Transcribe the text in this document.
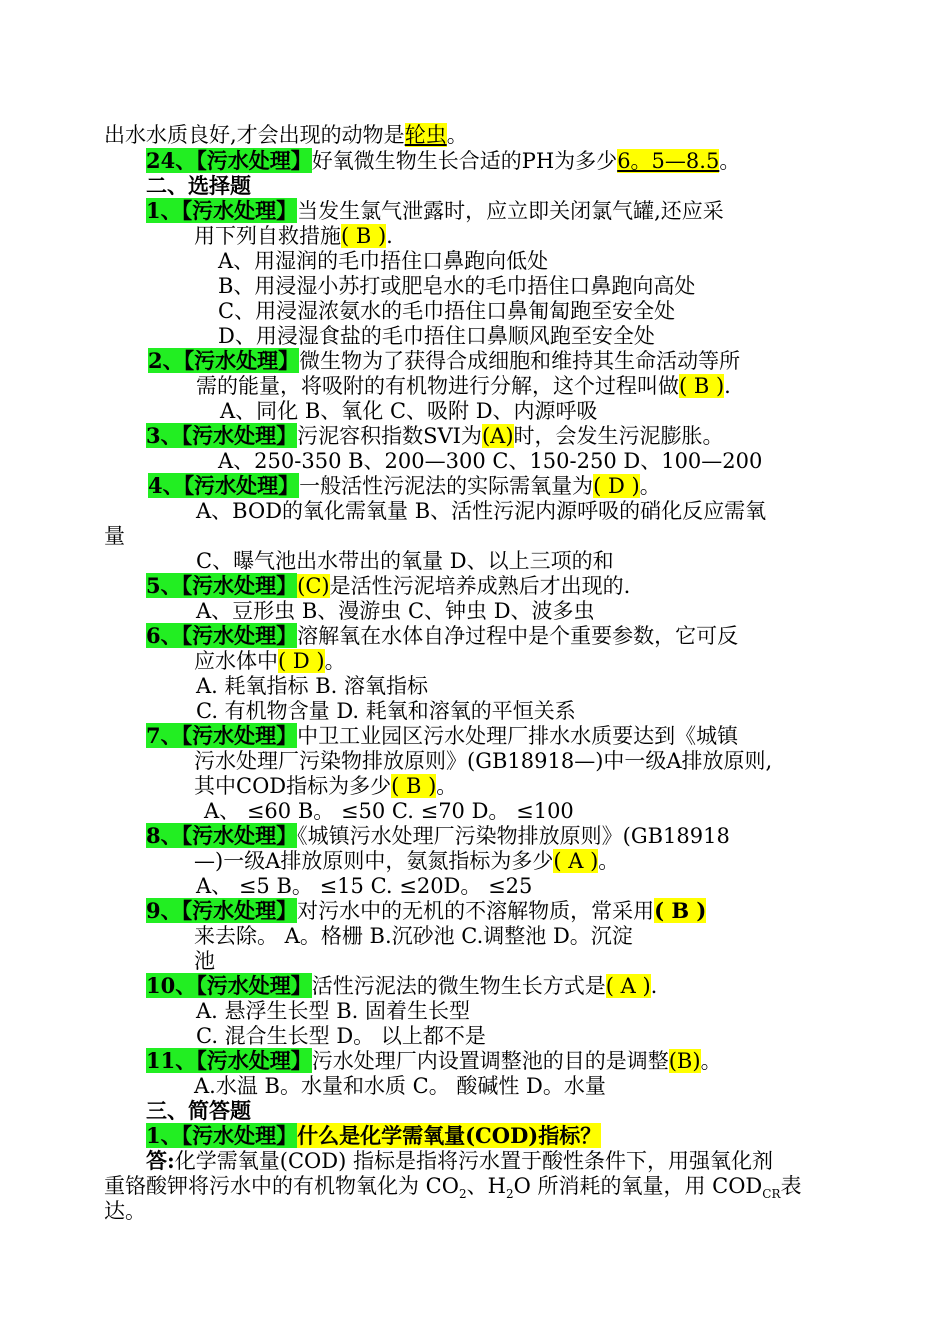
出水水质良好,才会出现的动物是轮虫。
24、【污水处理】好氧微生物生长合适的PH为多少6。5—8.5。
二、选择题
1、【污水处理】当发生氯气泄露时，应立即关闭氯气罐,还应采
用下列自救措施( B ).
A、用湿润的毛巾捂住口鼻跑向低处
B、用浸湿小苏打或肥皂水的毛巾捂住口鼻跑向高处
C、用浸湿浓氨水的毛巾捂住口鼻匍匐跑至安全处
D、用浸湿食盐的毛巾捂住口鼻顺风跑至安全处
2、【污水处理】微生物为了获得合成细胞和维持其生命活动等所
需的能量，将吸附的有机物进行分解，这个过程叫做( B ).
A、同化 B、氧化 C、吸附 D、内源呼吸
3、【污水处理】污泥容积指数SVI为(A)时，会发生污泥膨胀。
A、250-350 B、200—300 C、150-250 D、100—200
4、【污水处理】一般活性污泥法的实际需氧量为( D )。
A、BOD的氧化需氧量 B、活性污泥内源呼吸的硝化反应需氧
量
C、曝气池出水带出的氧量 D、以上三项的和
5、【污水处理】(C)是活性污泥培养成熟后才出现的.
A、豆形虫 B、漫游虫 C、钟虫 D、波多虫
6、【污水处理】溶解氧在水体自净过程中是个重要参数，它可反
应水体中( D )。
A. 耗氧指标 B. 溶氧指标
C. 有机物含量 D. 耗氧和溶氧的平恒关系
7、【污水处理】中卫工业园区污水处理厂排水水质要达到《城镇
污水处理厂污染物排放原则》(GB18918—)中一级A排放原则,
其中COD指标为多少( B )。
A、 ≤60 B。 ≤50 C. ≤70 D。 ≤100
8、【污水处理】《城镇污水处理厂污染物排放原则》(GB18918
—)一级A排放原则中，氨氮指标为多少( A )。
A、 ≤5 B。 ≤15 C. ≤20D。 ≤25
9、【污水处理】对污水中的无机的不溶解物质，常采用( B )
来去除。 A。格栅 B.沉砂池 C.调整池 D。沉淀
池
10、【污水处理】活性污泥法的微生物生长方式是( A ).
A. 悬浮生长型 B. 固着生长型
C. 混合生长型 D。 以上都不是
11、【污水处理】污水处理厂内设置调整池的目的是调整(B)。
A.水温 B。水量和水质 C。 酸碱性 D。水量
三、简答题
1、【污水处理】什么是化学需氧量(COD)指标？
答:化学需氧量(COD) 指标是指将污水置于酸性条件下，用强氧化剂
重铬酸钾将污水中的有机物氧化为 $CO_2$、$H_2O$ 所消耗的氧量，用 $COD_{CR}$表
达。
